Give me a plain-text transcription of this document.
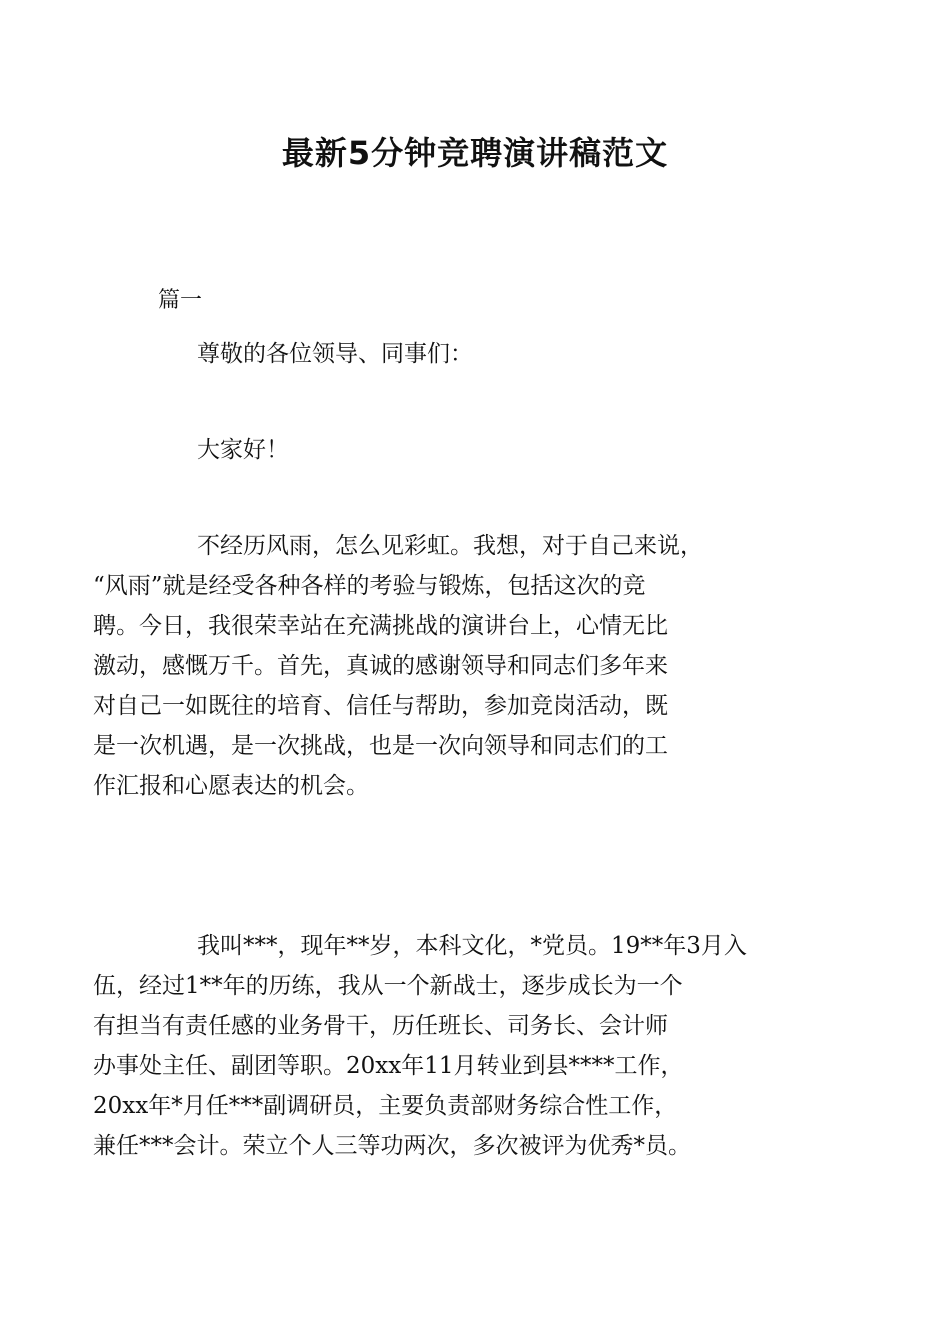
最新5分钟竞聘演讲稿范文

篇一

尊敬的各位领导、同事们：

大家好！

不经历风雨，怎么见彩虹。我想，对于自己来说，
“风雨”就是经受各种各样的考验与锻炼，包括这次的竞
聘。今日，我很荣幸站在充满挑战的演讲台上，心情无比
激动，感慨万千。首先，真诚的感谢领导和同志们多年来
对自己一如既往的培育、信任与帮助，参加竞岗活动，既
是一次机遇，是一次挑战，也是一次向领导和同志们的工
作汇报和心愿表达的机会。
我叫***，现年**岁，本科文化，*党员。19**年3月入
伍，经过1**年的历练，我从一个新战士，逐步成长为一个
有担当有责任感的业务骨干，历任班长、司务长、会计师
办事处主任、副团等职。20xx年11月转业到县****工作，
20xx年*月任***副调研员，主要负责部财务综合性工作，
兼任***会计。荣立个人三等功两次，多次被评为优秀*员。
